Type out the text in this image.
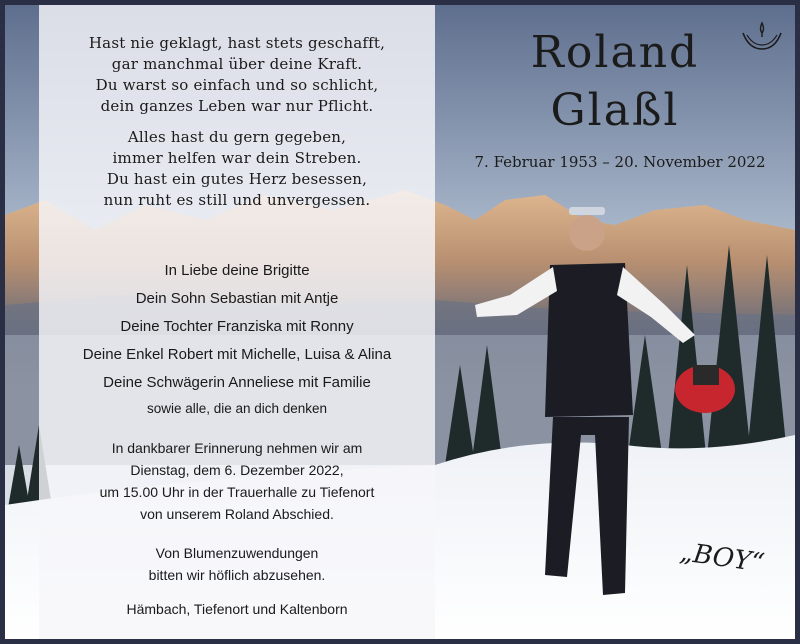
Hast nie geklagt, hast stets geschafft,

gar manchmal über deine Kraft.

Du warst so einfach und so schlicht,

dein ganzes Leben war nur Pflicht.

Alles hast du gern gegeben,

immer helfen war dein Streben.

Du hast ein gutes Herz besessen,

nun ruht es still und unvergessen.

In Liebe deine Brigitte

Dein Sohn Sebastian mit Antje

Deine Tochter Franziska mit Ronny

Deine Enkel Robert mit Michelle, Luisa & Alina

Deine Schwägerin Anneliese mit Familie

sowie alle, die an dich denken

In dankbarer Erinnerung nehmen wir am

Dienstag, dem 6. Dezember 2022,

um 15.00 Uhr in der Trauerhalle zu Tiefenort

von unserem Roland Abschied.

Von Blumenzuwendungen

bitten wir höflich abzusehen.

Hämbach, Tiefenort und Kaltenborn
Roland
Glaßl
7. Februar 1953 – 20. November 2022
„BOY“
